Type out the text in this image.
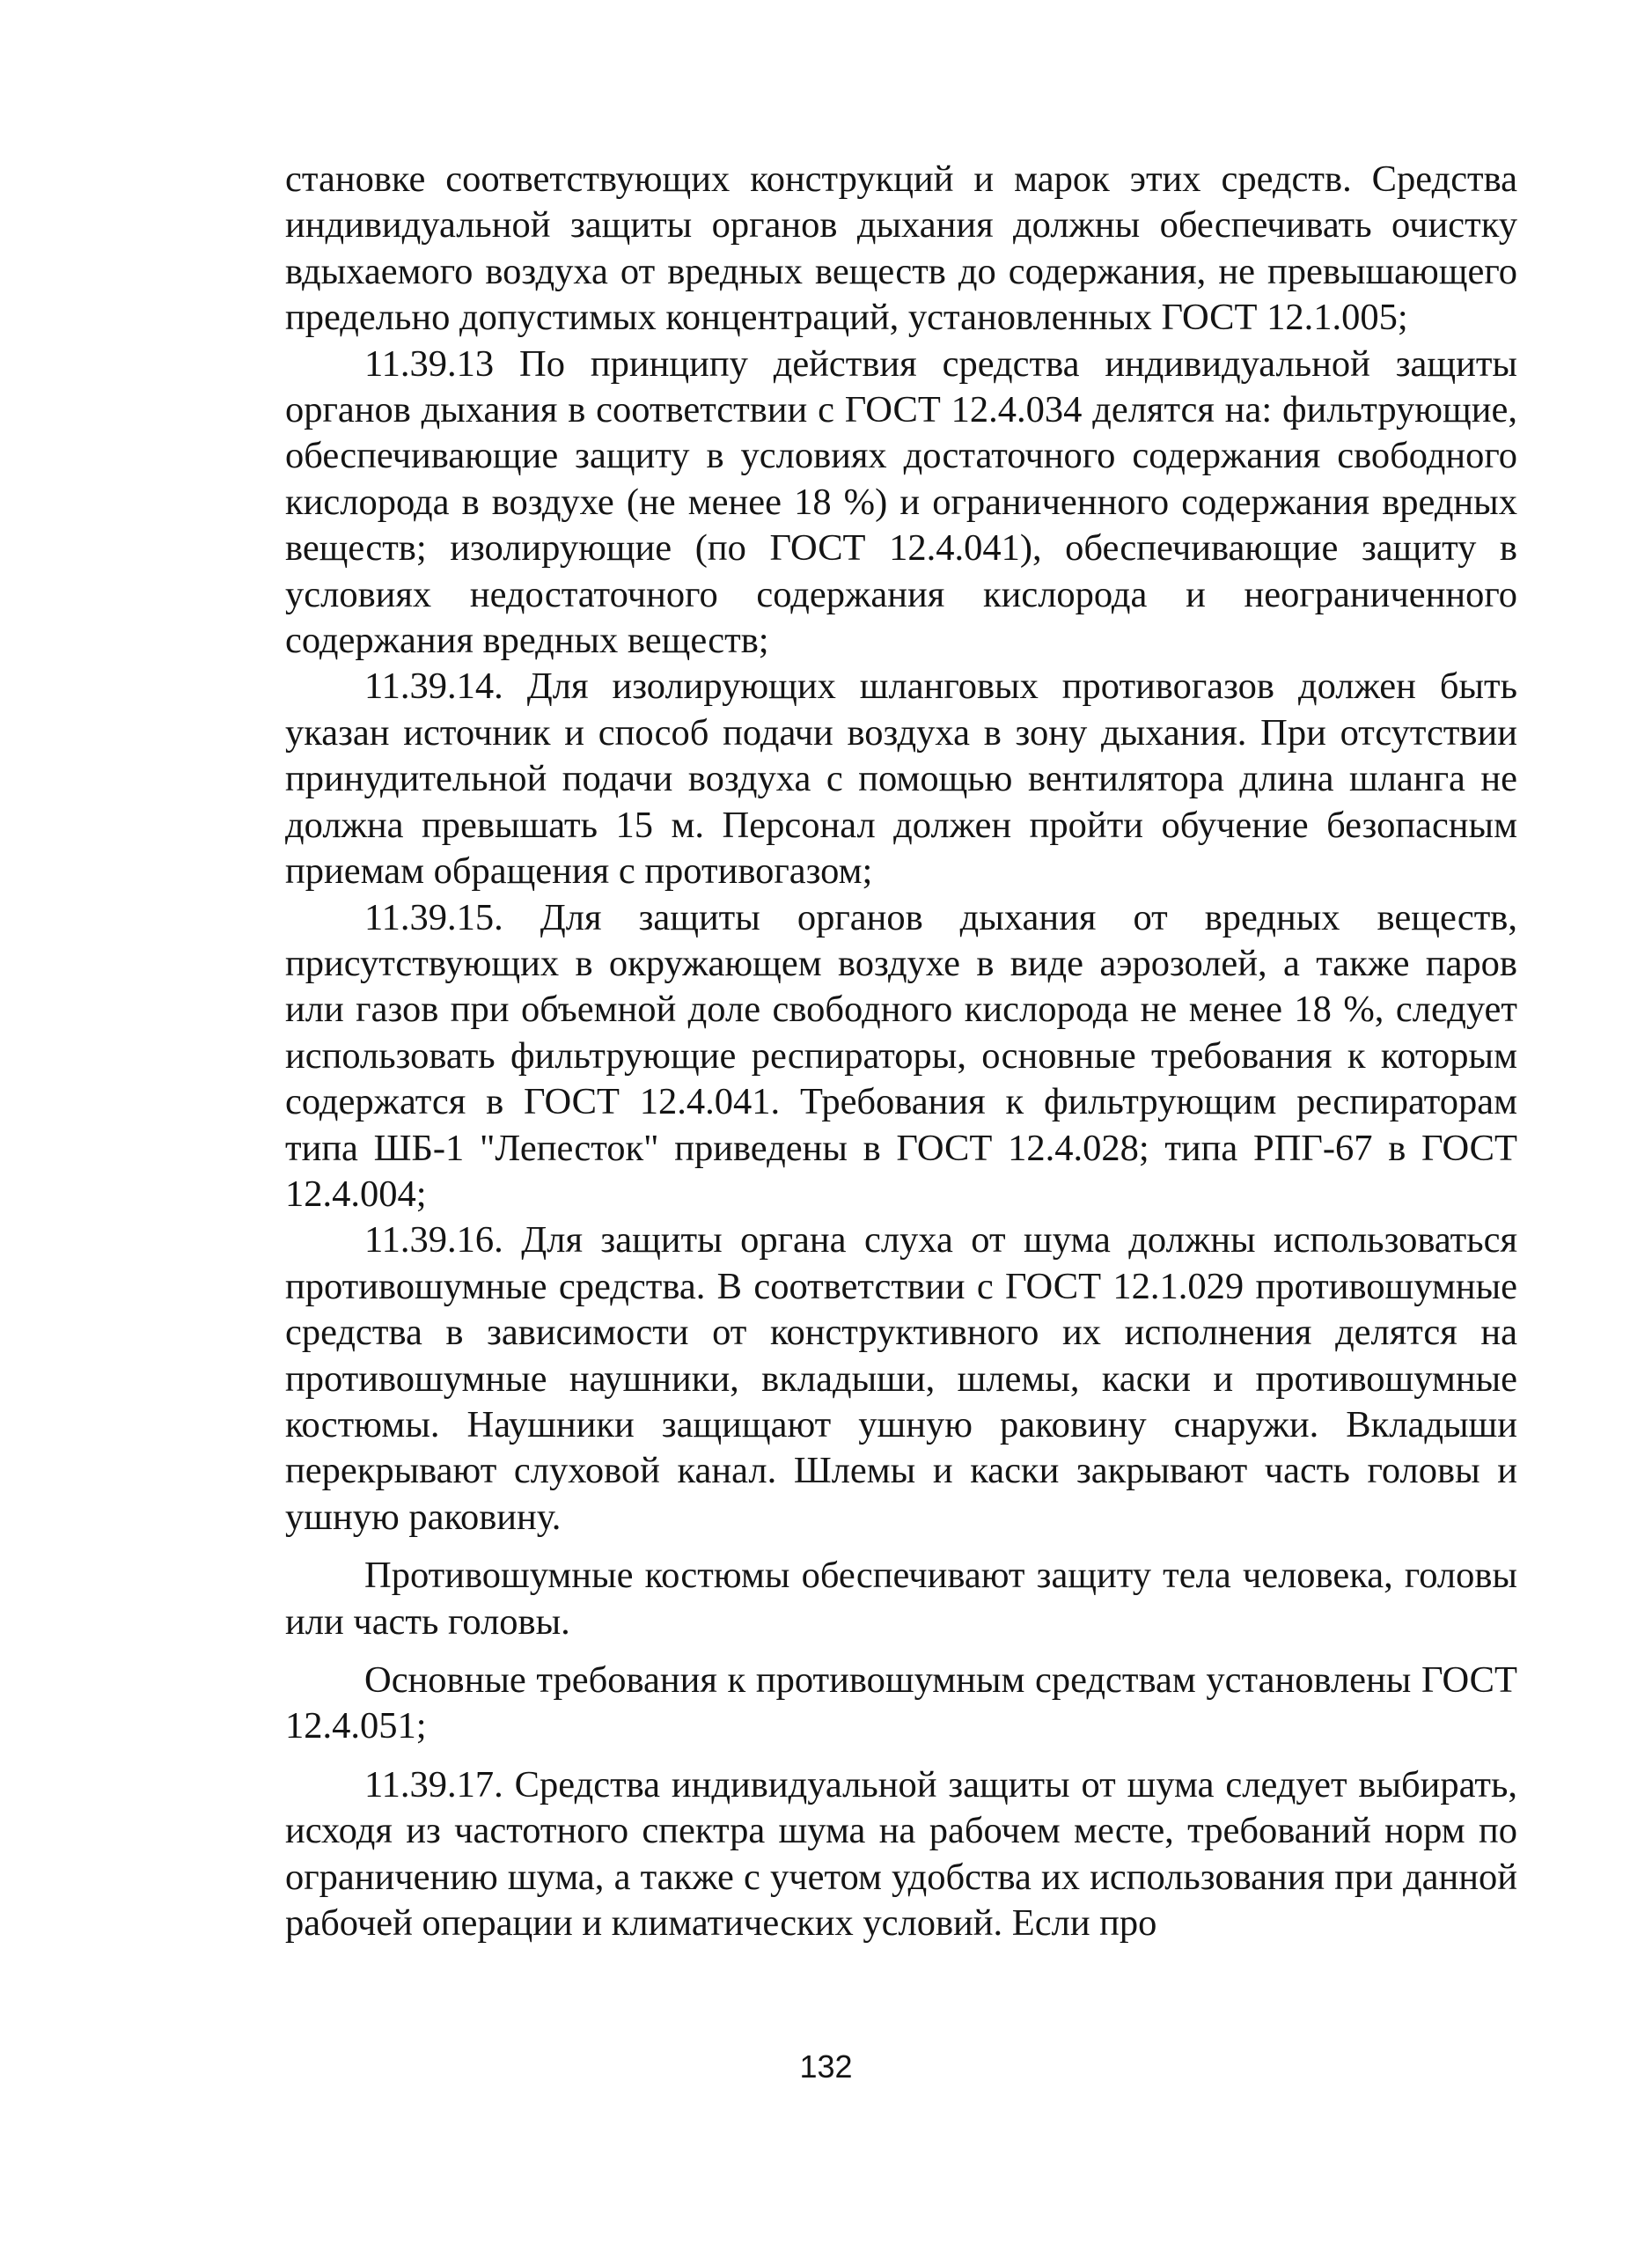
становке соответствующих конструкций и марок этих средств. Средства индивидуальной защиты органов дыхания должны обеспечивать очистку вдыхаемого воздуха от вредных веществ до содержания, не превышающего предельно допустимых концентраций, установленных ГОСТ 12.1.005;

11.39.13 По принципу действия средства индивидуальной защиты органов дыхания в соответствии с ГОСТ 12.4.034 делятся на: фильтрующие, обеспечивающие защиту в условиях достаточного содержания свободного кислорода в воздухе (не менее 18 %) и ограниченного содержания вредных веществ; изолирующие (по ГОСТ 12.4.041), обеспечивающие защиту в условиях недостаточного содержания кислорода и неограниченного содержания вредных веществ;

11.39.14. Для изолирующих шланговых противогазов должен быть указан источник и способ подачи воздуха в зону дыхания. При отсутствии принудительной подачи воздуха с помощью вентилятора длина шланга не должна превышать 15 м. Персонал должен пройти обучение безопасным приемам обращения с противогазом;

11.39.15. Для защиты органов дыхания от вредных веществ, присутствующих в окружающем воздухе в виде аэрозолей, а также паров или газов при объемной доле свободного кислорода не менее 18 %, следует использовать фильтрующие респираторы, основные требования к которым содержатся в ГОСТ 12.4.041. Требования к фильтрующим респираторам типа ШБ-1 "Лепесток" приведены в ГОСТ 12.4.028; типа РПГ-67 в ГОСТ 12.4.004;

11.39.16. Для защиты органа слуха от шума должны использоваться противошумные средства. В соответствии с ГОСТ 12.1.029 противошумные средства в зависимости от конструктивного их исполнения делятся на противошумные наушники, вкладыши, шлемы, каски и противошумные костюмы. Наушники защищают ушную раковину снаружи. Вкладыши перекрывают слуховой канал. Шлемы и каски закрывают часть головы и ушную раковину.

Противошумные костюмы обеспечивают защиту тела человека, головы или часть головы.

Основные требования к противошумным средствам установлены ГОСТ 12.4.051;

11.39.17. Средства индивидуальной защиты от шума следует выбирать, исходя из частотного спектра шума на рабочем месте, требований норм по ограничению шума, а также с учетом удобства их использования при данной рабочей операции и климатических условий. Если про

132
